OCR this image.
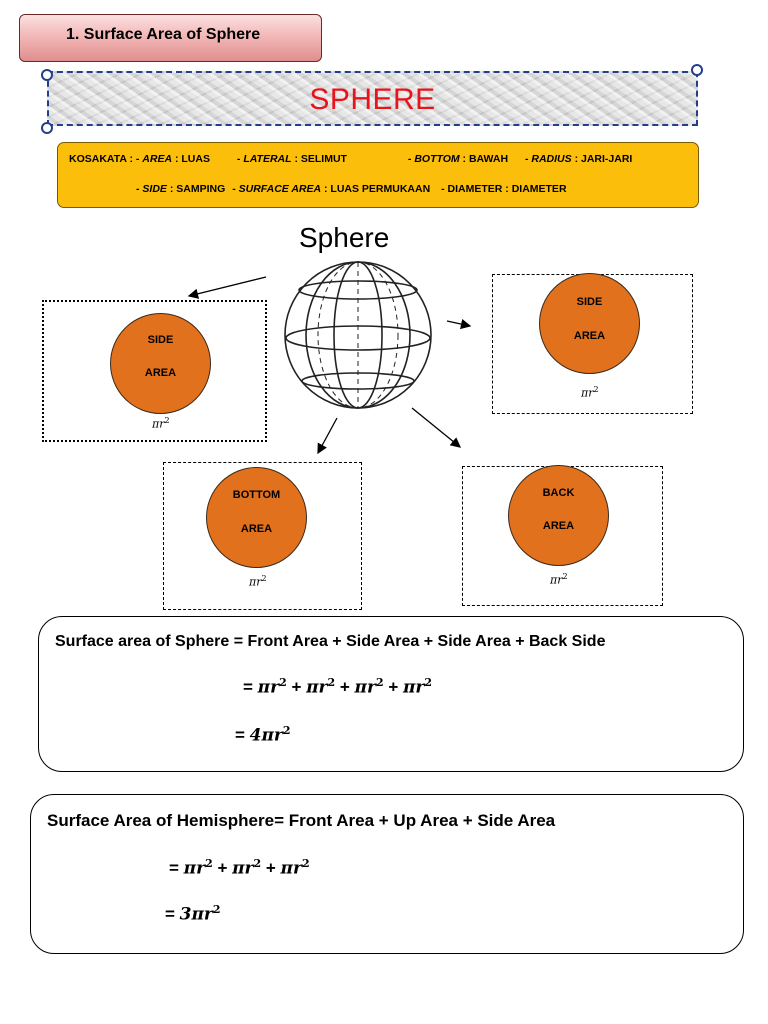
1. Surface Area of Sphere
SPHERE
KOSAKATA : - AREA : LUAS	- LATERAL : SELIMUT	- BOTTOM : BAWAH - RADIUS : JARI-JARI
- SIDE : SAMPING - SURFACE AREA : LUAS PERMUKAAN - DIAMETER : DIAMETER
Sphere
SIDE
AREA
$\pi r^2$
SIDE
AREA
$\pi r^2$
BOTTOM
AREA
$\pi r^2$
BACK
AREA
$\pi r^2$
Surface area of Sphere = Front Area + Side Area + Side Area + Back Side
= $\pi r^2 + \pi r^2 + \pi r^2 + \pi r^2$
= $4\pi r^2$
Surface Area of Hemisphere= Front Area + Up Area + Side Area
= $\pi r^2 + \pi r^2 + \pi r^2$
= $3\pi r^2$
